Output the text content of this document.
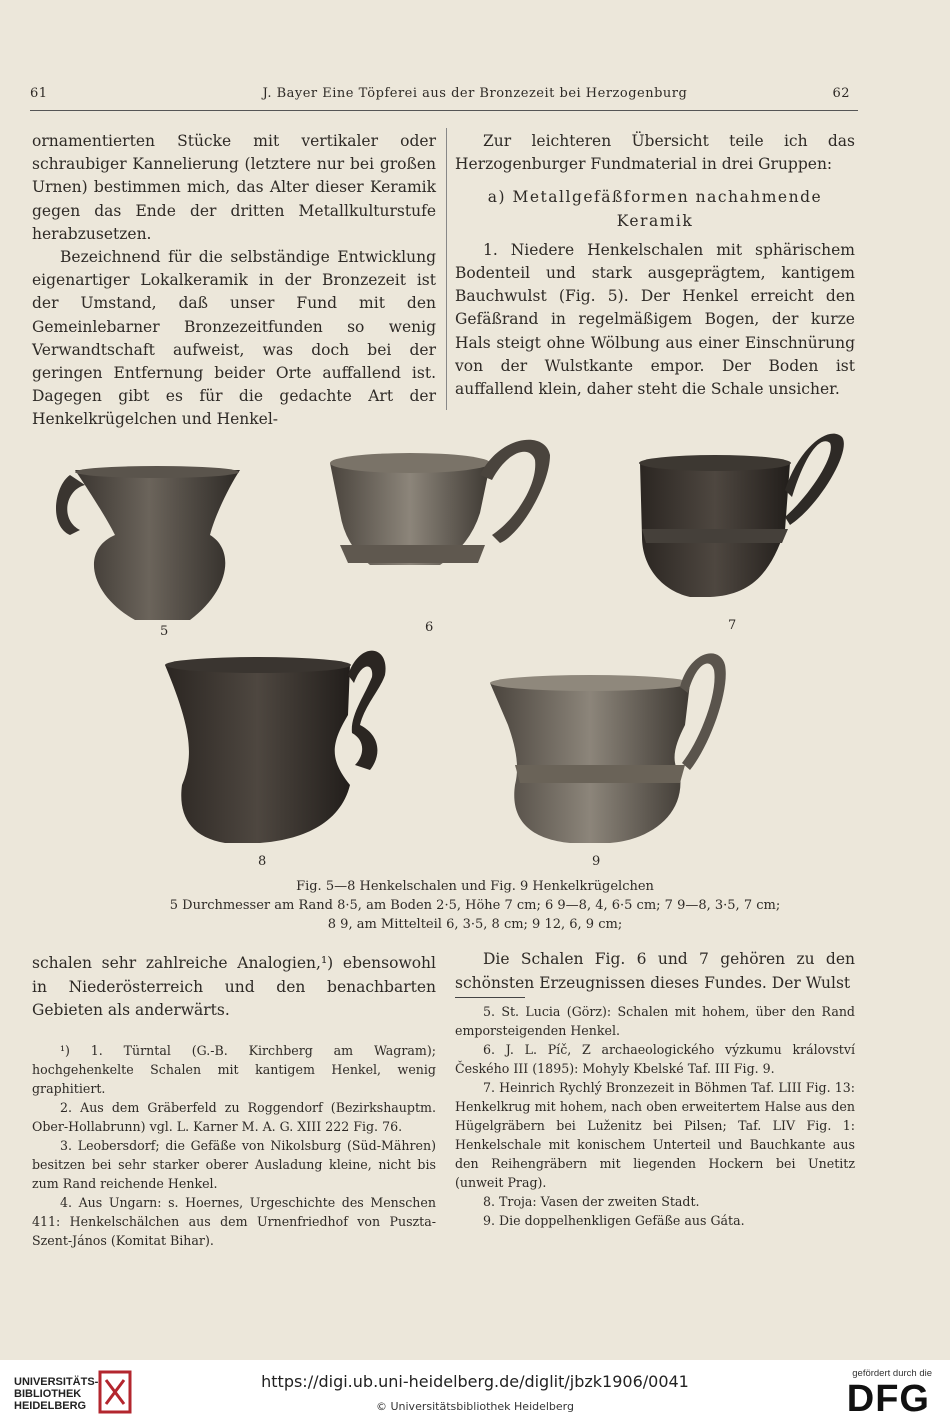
61	J. Bayer Eine Töpferei aus der Bronzezeit bei Herzogenburg	62

ornamentierten Stücke mit vertikaler oder schraubiger Kannelierung (letztere nur bei großen Urnen) bestimmen mich, das Alter dieser Keramik gegen das Ende der dritten Metallkulturstufe herabzusetzen.

Bezeichnend für die selbständige Entwicklung eigenartiger Lokalkeramik in der Bronzezeit ist der Umstand, daß unser Fund mit den Gemeinlebarner Bronzezeitfunden so wenig Verwandtschaft aufweist, was doch bei der geringen Entfernung beider Orte auffallend ist. Dagegen gibt es für die gedachte Art der Henkelkrügelchen und Henkel-

Zur leichteren Übersicht teile ich das Herzogenburger Fundmaterial in drei Gruppen:

a) Metallgefäßformen nachahmende Keramik

1. Niedere Henkelschalen mit sphärischem Bodenteil und stark ausgeprägtem, kantigem Bauchwulst (Fig. 5). Der Henkel erreicht den Gefäßrand in regelmäßigem Bogen, der kurze Hals steigt ohne Wölbung aus einer Einschnürung von der Wulstkante empor. Der Boden ist auffallend klein, daher steht die Schale unsicher.

5	6	7
8	9
Fig. 5—8 Henkelschalen und Fig. 9 Henkelkrügelchen
5 Durchmesser am Rand 8·5, am Boden 2·5, Höhe 7 cm; 6 9—8, 4, 6·5 cm; 7 9—8, 3·5, 7 cm;
8 9, am Mittelteil 6, 3·5, 8 cm; 9 12, 6, 9 cm;
schalen sehr zahlreiche Analogien,¹) ebensowohl in Niederösterreich und den benachbarten Gebieten als anderwärts.

¹) 1. Türntal (G.-B. Kirchberg am Wagram); hochgehenkelte Schalen mit kantigem Henkel, wenig graphitiert.

2. Aus dem Gräberfeld zu Roggendorf (Bezirkshauptm. Ober-Hollabrunn) vgl. L. Karner M. A. G. XIII 222 Fig. 76.

3. Leobersdorf; die Gefäße von Nikolsburg (Süd-Mähren) besitzen bei sehr starker oberer Ausladung kleine, nicht bis zum Rand reichende Henkel.

4. Aus Ungarn: s. Hoernes, Urgeschichte des Menschen 411: Henkelschälchen aus dem Urnenfriedhof von Puszta-Szent-János (Komitat Bihar).

Die Schalen Fig. 6 und 7 gehören zu den schönsten Erzeugnissen dieses Fundes. Der Wulst

5. St. Lucia (Görz): Schalen mit hohem, über den Rand emporsteigenden Henkel.

6. J. L. Píč, Z archaeologického výzkumu království Českého III (1895): Mohyly Kbelské Taf. III Fig. 9.

7. Heinrich Rychlý Bronzezeit in Böhmen Taf. LIII Fig. 13: Henkelkrug mit hohem, nach oben erweitertem Halse aus den Hügelgräbern bei Luženitz bei Pilsen; Taf. LIV Fig. 1: Henkelschale mit konischem Unterteil und Bauchkante aus den Reihengräbern mit liegenden Hockern bei Unetitz (unweit Prag).

8. Troja: Vasen der zweiten Stadt.

9. Die doppelhenkligen Gefäße aus Gáta.

UNIVERSITÄTS- BIBLIOTHEK HEIDELBERG
https://digi.ub.uni-heidelberg.de/diglit/jbzk1906/0041
© Universitätsbibliothek Heidelberg
gefördert durch die
DFG
